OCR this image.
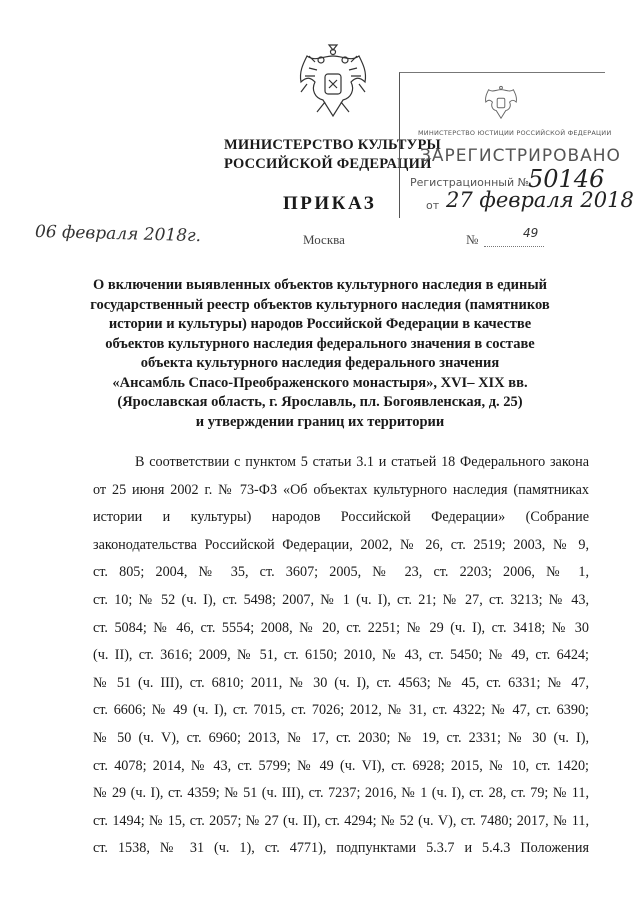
МИНИСТЕРСТВО КУЛЬТУРЫ
РОССИЙСКОЙ ФЕДЕРАЦИИ
ПРИКАЗ
06 февраля 2018г.	Москва	№	49
МИНИСТЕРСТВО ЮСТИЦИИ РОССИЙСКОЙ ФЕДЕРАЦИИ
ЗАРЕГИСТРИРОВАНО
Регистрационный №
50146
от 27 февраля 2018
О включении выявленных объектов культурного наследия в единый
государственный реестр объектов культурного наследия (памятников
истории и культуры) народов Российской Федерации в качестве
объектов культурного наследия федерального значения в составе
объекта культурного наследия федерального значения
«Ансамбль Спасо-Преображенского монастыря», XVI– XIX вв.
(Ярославская область, г. Ярославль, пл. Богоявленская, д. 25)
и утверждении границ их территории
В соответствии с пунктом 5 статьи 3.1 и статьей 18 Федерального закона
от 25 июня 2002 г. № 73-ФЗ «Об объектах культурного наследия (памятниках
истории и культуры) народов Российской Федерации» (Собрание
законодательства Российской Федерации, 2002, № 26, ст. 2519; 2003, № 9,
ст. 805; 2004, № 35, ст. 3607; 2005, № 23, ст. 2203; 2006, № 1,
ст. 10; № 52 (ч. I), ст. 5498; 2007, № 1 (ч. I), ст. 21; № 27, ст. 3213; № 43,
ст. 5084; № 46, ст. 5554; 2008, № 20, ст. 2251; № 29 (ч. I), ст. 3418; № 30
(ч. II), ст. 3616; 2009, № 51, ст. 6150; 2010, № 43, ст. 5450; № 49, ст. 6424;
№ 51 (ч. III), ст. 6810; 2011, № 30 (ч. I), ст. 4563; № 45, ст. 6331; № 47,
ст. 6606; № 49 (ч. I), ст. 7015, ст. 7026; 2012, № 31, ст. 4322; № 47, ст. 6390;
№ 50 (ч. V), ст. 6960; 2013, № 17, ст. 2030; № 19, ст. 2331; № 30 (ч. I),
ст. 4078; 2014, № 43, ст. 5799; № 49 (ч. VI), ст. 6928; 2015, № 10, ст. 1420;
№ 29 (ч. I), ст. 4359; № 51 (ч. III), ст. 7237; 2016, № 1 (ч. I), ст. 28, ст. 79; № 11,
ст. 1494; № 15, ст. 2057; № 27 (ч. II), ст. 4294; № 52 (ч. V), ст. 7480; 2017, № 11,
ст. 1538, № 31 (ч. 1), ст. 4771), подпунктами 5.3.7 и 5.4.3 Положения
